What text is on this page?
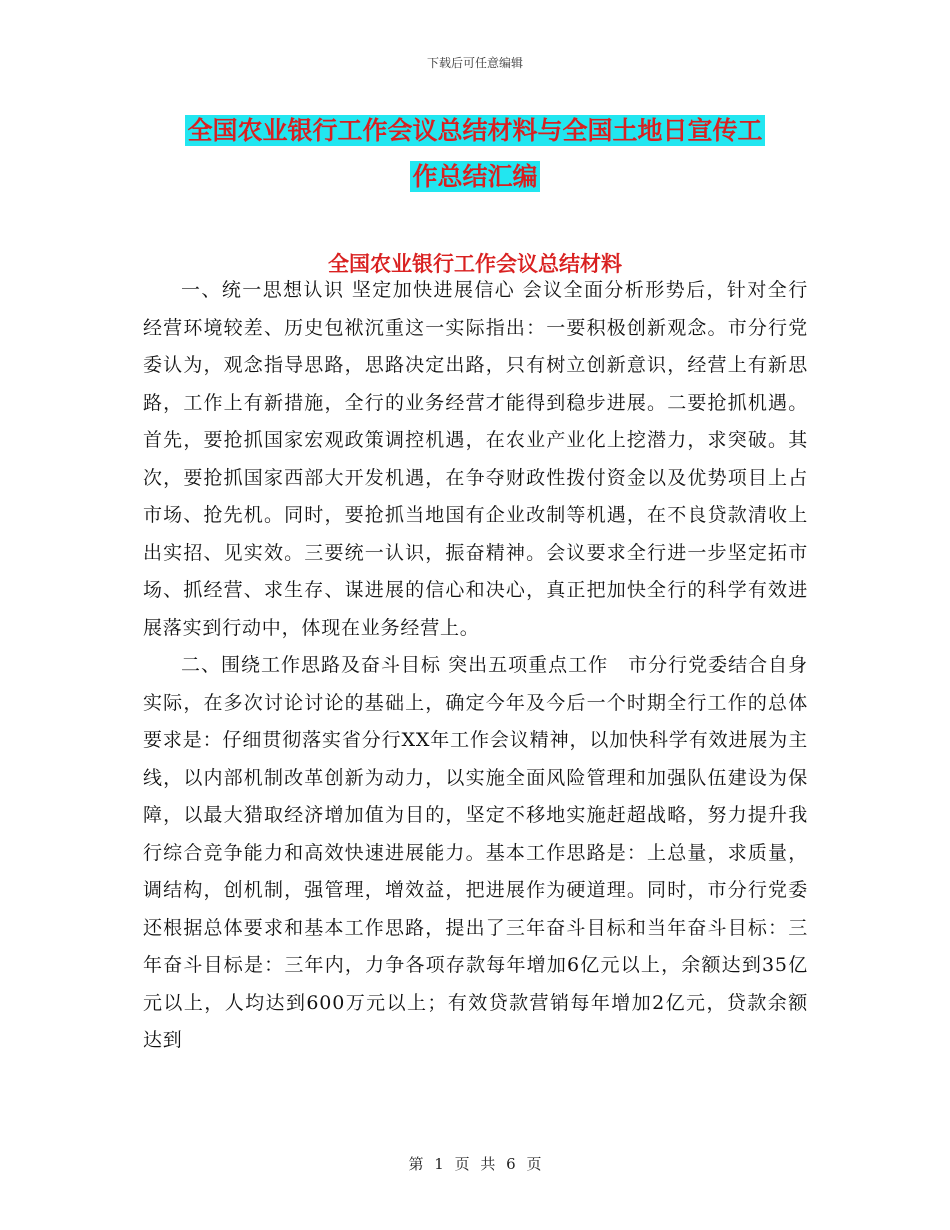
下载后可任意编辑
全国农业银行工作会议总结材料与全国土地日宣传工
作总结汇编
全国农业银行工作会议总结材料

一、统一思想认识 坚定加快进展信心 会议全面分析形势后，针对全行经营环境较差、历史包袱沉重这一实际指出：一要积极创新观念。市分行党委认为，观念指导思路，思路决定出路，只有树立创新意识，经营上有新思路，工作上有新措施，全行的业务经营才能得到稳步进展。二要抢抓机遇。首先，要抢抓国家宏观政策调控机遇，在农业产业化上挖潜力，求突破。其次，要抢抓国家西部大开发机遇，在争夺财政性拨付资金以及优势项目上占市场、抢先机。同时，要抢抓当地国有企业改制等机遇，在不良贷款清收上出实招、见实效。三要统一认识，振奋精神。会议要求全行进一步坚定拓市场、抓经营、求生存、谋进展的信心和决心，真正把加快全行的科学有效进展落实到行动中，体现在业务经营上。

二、围绕工作思路及奋斗目标 突出五项重点工作　市分行党委结合自身实际，在多次讨论讨论的基础上，确定今年及今后一个时期全行工作的总体要求是：仔细贯彻落实省分行XX年工作会议精神，以加快科学有效进展为主线，以内部机制改革创新为动力，以实施全面风险管理和加强队伍建设为保障，以最大猎取经济增加值为目的，坚定不移地实施赶超战略，努力提升我行综合竞争能力和高效快速进展能力。基本工作思路是：上总量，求质量，调结构，创机制，强管理，增效益，把进展作为硬道理。同时，市分行党委还根据总体要求和基本工作思路，提出了三年奋斗目标和当年奋斗目标：三年奋斗目标是：三年内，力争各项存款每年增加6亿元以上，余额达到35亿元以上，人均达到600万元以上；有效贷款营销每年增加2亿元，贷款余额达到

第 1 页 共 6 页
